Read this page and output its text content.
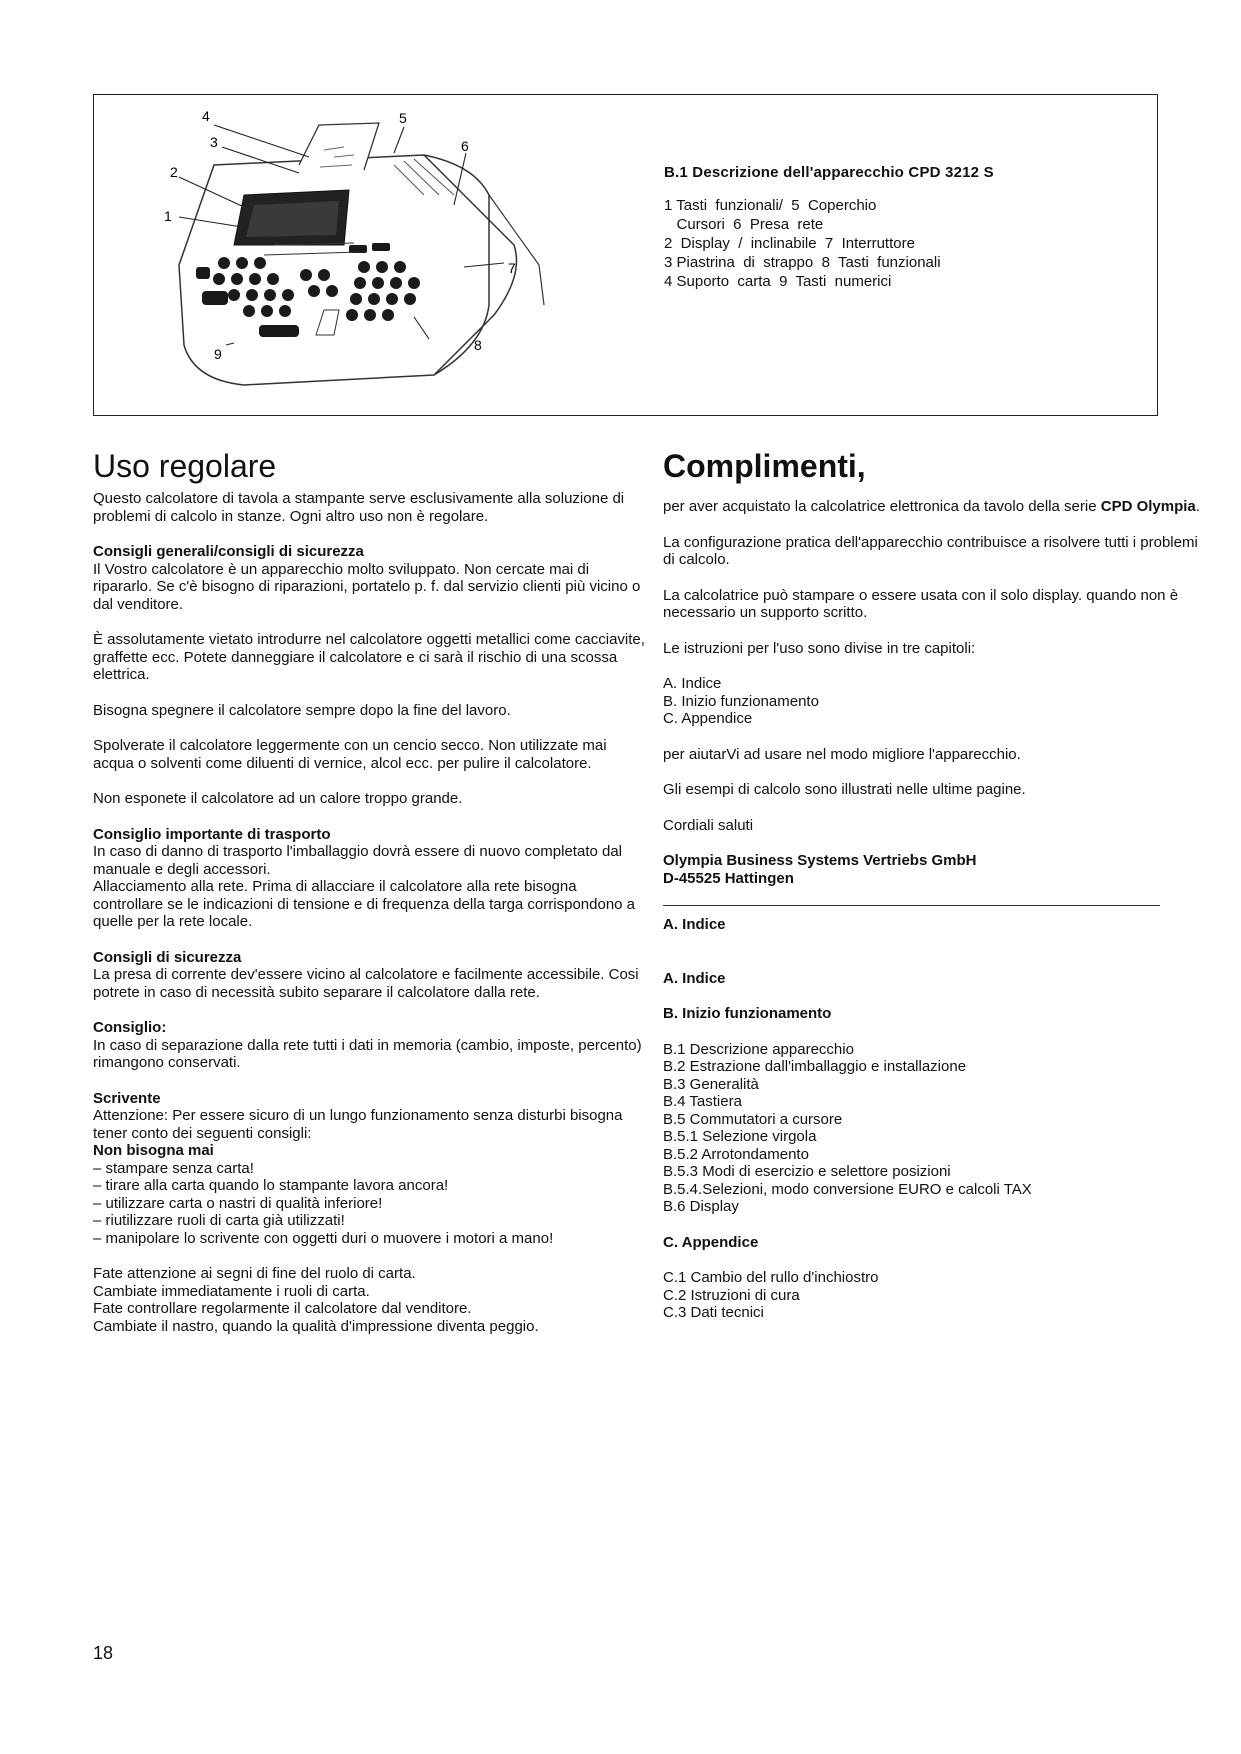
4
3
2
1
5
6
7
8
9
B.1 Descrizione dell'apparecchio CPD 3212 S
1 Tasti  funzionali/  5  Coperchio
Cursori  6  Presa  rete
2  Display  /  inclinabile  7  Interruttore
3 Piastrina  di  strappo  8  Tasti  funzionali
4 Suporto  carta  9  Tasti  numerici
Uso regolare

Questo calcolatore di tavola a stampante serve esclusivamente alla soluzione di problemi di calcolo in stanze. Ogni altro uso non è regolare.

Consigli generali/consigli di sicurezza

Il Vostro calcolatore è un apparecchio molto sviluppato. Non cercate mai di ripararlo. Se c'è bisogno di riparazioni, portatelo p. f. dal servizio clienti più vicino o dal venditore.

È assolutamente vietato introdurre nel calcolatore oggetti metallici come cacciavite, graffette ecc. Potete danneggiare il calcolatore e ci sarà il rischio di una scossa elettrica.

Bisogna spegnere il calcolatore sempre dopo la fine del lavoro.

Spolverate il calcolatore leggermente con un cencio secco. Non utilizzate mai acqua o solventi come diluenti di vernice, alcol ecc. per pulire il calcolatore.

Non esponete il calcolatore ad un calore troppo grande.

Consiglio importante di trasporto
In caso di danno di trasporto l'imballaggio dovrà essere di nuovo completato dal manuale e degli accessori.

Allacciamento alla rete. Prima di allacciare il calcolatore alla rete bisogna controllare se le indicazioni di tensione e di frequenza della targa corrispondono a quelle per la rete locale.

Consigli di sicurezza

La presa di corrente dev'essere vicino al calcolatore e facilmente accessibile. Cosi potrete in caso di necessità subito separare il calcolatore dalla rete.

Consiglio:

In caso di separazione dalla rete tutti i dati in memoria (cambio, imposte, percento) rimangono conservati.

Scrivente
Attenzione: Per essere sicuro di un lungo funzionamento senza disturbi bisogna tener conto dei seguenti consigli:
Non bisogna mai
– stampare senza carta!
– tirare alla carta quando lo stampante lavora ancora!
– utilizzare carta o nastri di qualità inferiore!
– riutilizzare ruoli di carta già utilizzati!
– manipolare lo scrivente con oggetti duri o muovere i motori a mano!
Fate attenzione ai segni di fine del ruolo di carta.
Cambiate immediatamente i ruoli di carta.
Fate controllare regolarmente il calcolatore dal venditore.
Cambiate il nastro, quando la qualità d'impressione diventa peggio.
Complimenti,

per aver acquistato la calcolatrice elettronica da tavolo della serie CPD Olympia.

La configurazione pratica dell'apparecchio contribuisce a risolvere tutti i problemi di calcolo.

La calcolatrice può stampare o essere usata con il solo display. quando non è necessario un supporto scritto.

Le istruzioni per l'uso sono divise in tre capitoli:

A. Indice
B. Inizio funzionamento

C. Appendice

per aiutarVi ad usare nel modo migliore l'apparecchio.

Gli esempi di calcolo sono illustrati nelle ultime pagine.

Cordiali saluti

Olympia Business Systems Vertriebs GmbH
D-45525 Hattingen

A. Indice

A. Indice

B. Inizio funzionamento

B.1 Descrizione apparecchio
B.2 Estrazione dall'imballaggio e installazione
B.3 Generalità
B.4 Tastiera
B.5 Commutatori a cursore
B.5.1 Selezione virgola
B.5.2 Arrotondamento
B.5.3 Modi di esercizio e selettore posizioni
B.5.4.Selezioni, modo conversione EURO e calcoli TAX
B.6 Display

C. Appendice

C.1 Cambio del rullo d'inchiostro
C.2 Istruzioni di cura
C.3 Dati tecnici
18
